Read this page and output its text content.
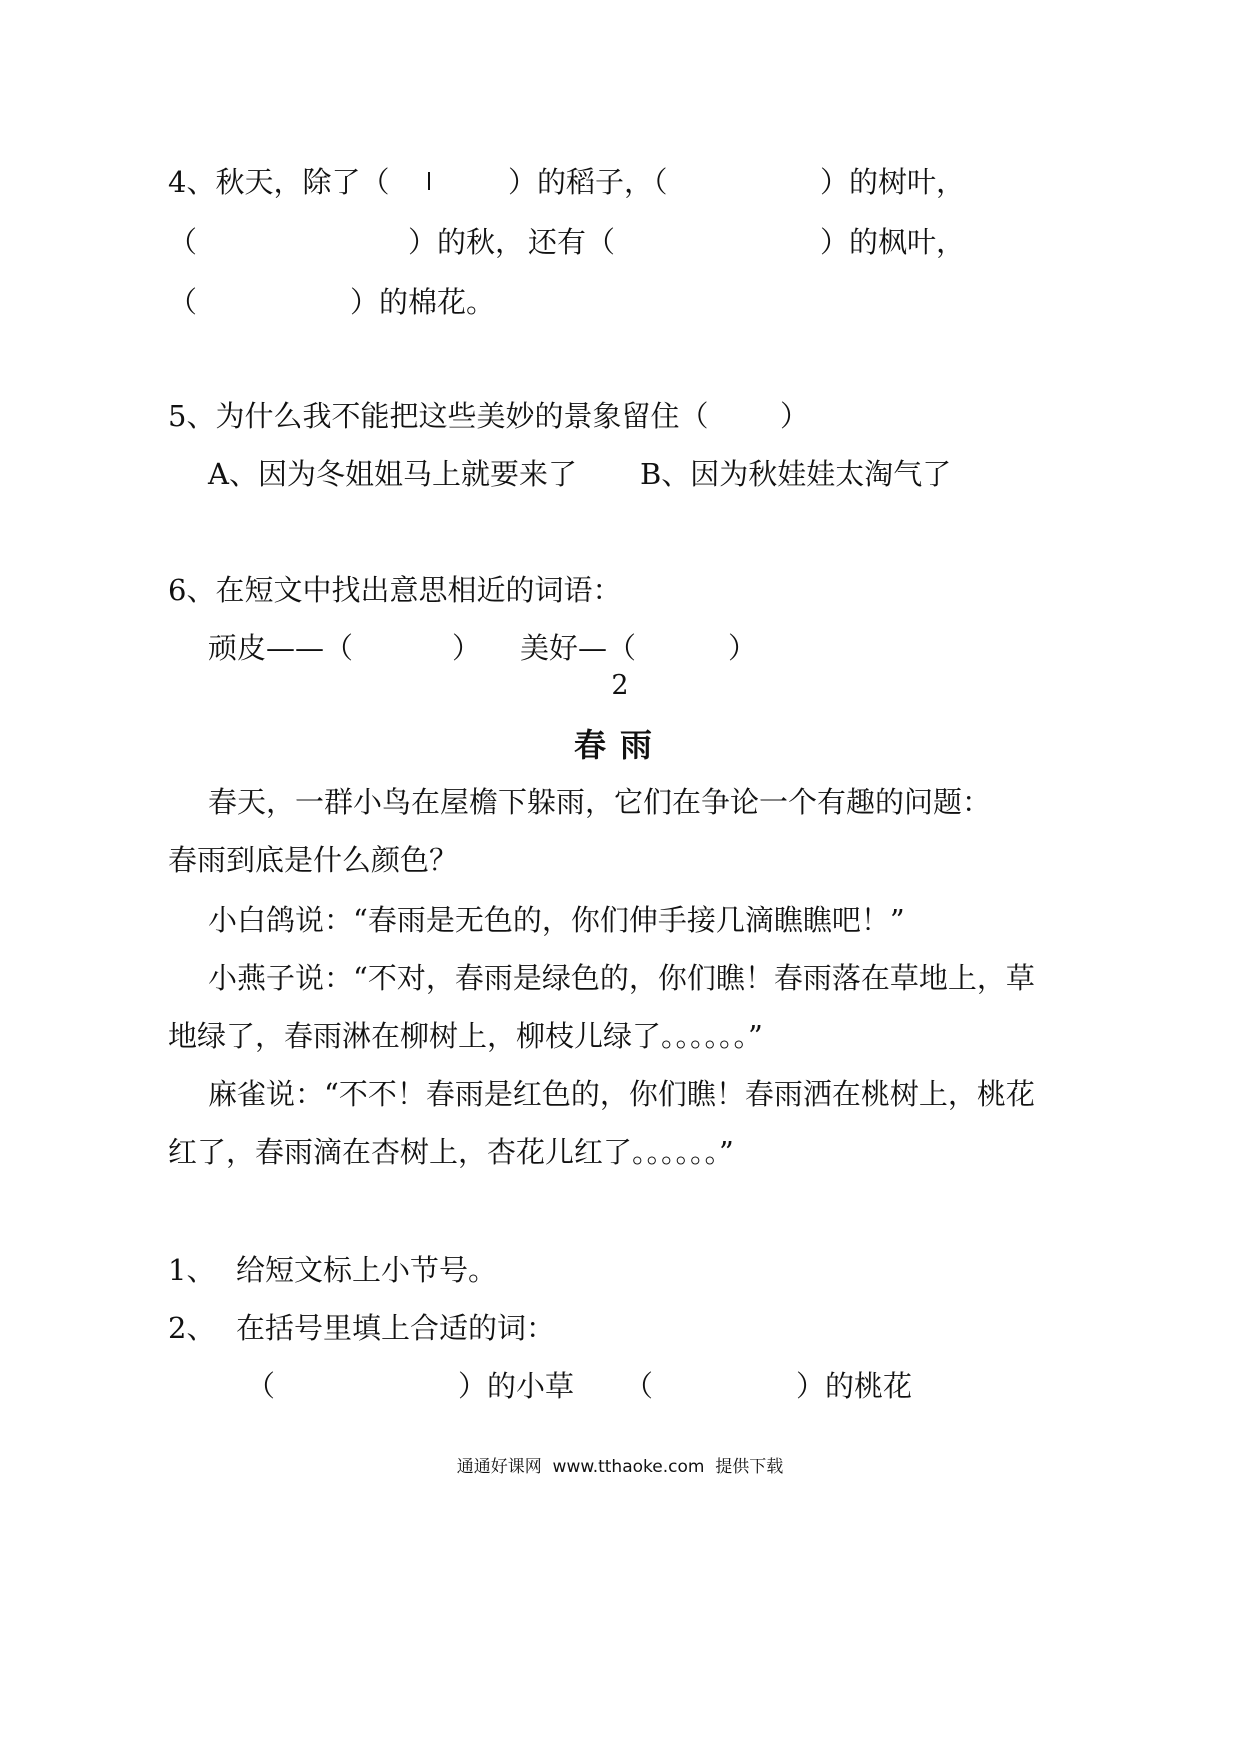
4、秋天，除了（

	）的稻子，（

	）的树叶，

（

	）的秋，

还有（

	）的枫叶，

（

	）的棉花。

5、为什么我不能把这些美妙的景象留住（

）

A、因为冬姐姐马上就要来了

B、因为秋娃娃太淘气了

6、在短文中找出意思相近的词语：

顽皮——（

	）

美好—（

	）

2
春雨

春天，一群小鸟在屋檐下躲雨，它们在争论一个有趣的问题：

春雨到底是什么颜色？

小白鸽说：“春雨是无色的，你们伸手接几滴瞧瞧吧！”

小燕子说：“不对，春雨是绿色的，你们瞧！春雨落在草地上，草

地绿了，春雨淋在柳树上，柳枝儿绿了。。。。。。”

麻雀说：“不不！春雨是红色的，你们瞧！春雨洒在桃树上，桃花

红了，春雨滴在杏树上，杏花儿红了。。。。。。”

1、

给短文标上小节号。

2、

在括号里填上合适的词：

（

	）的小草

（

	）的桃花

通通好课网  www.tthaoke.com  提供下载
